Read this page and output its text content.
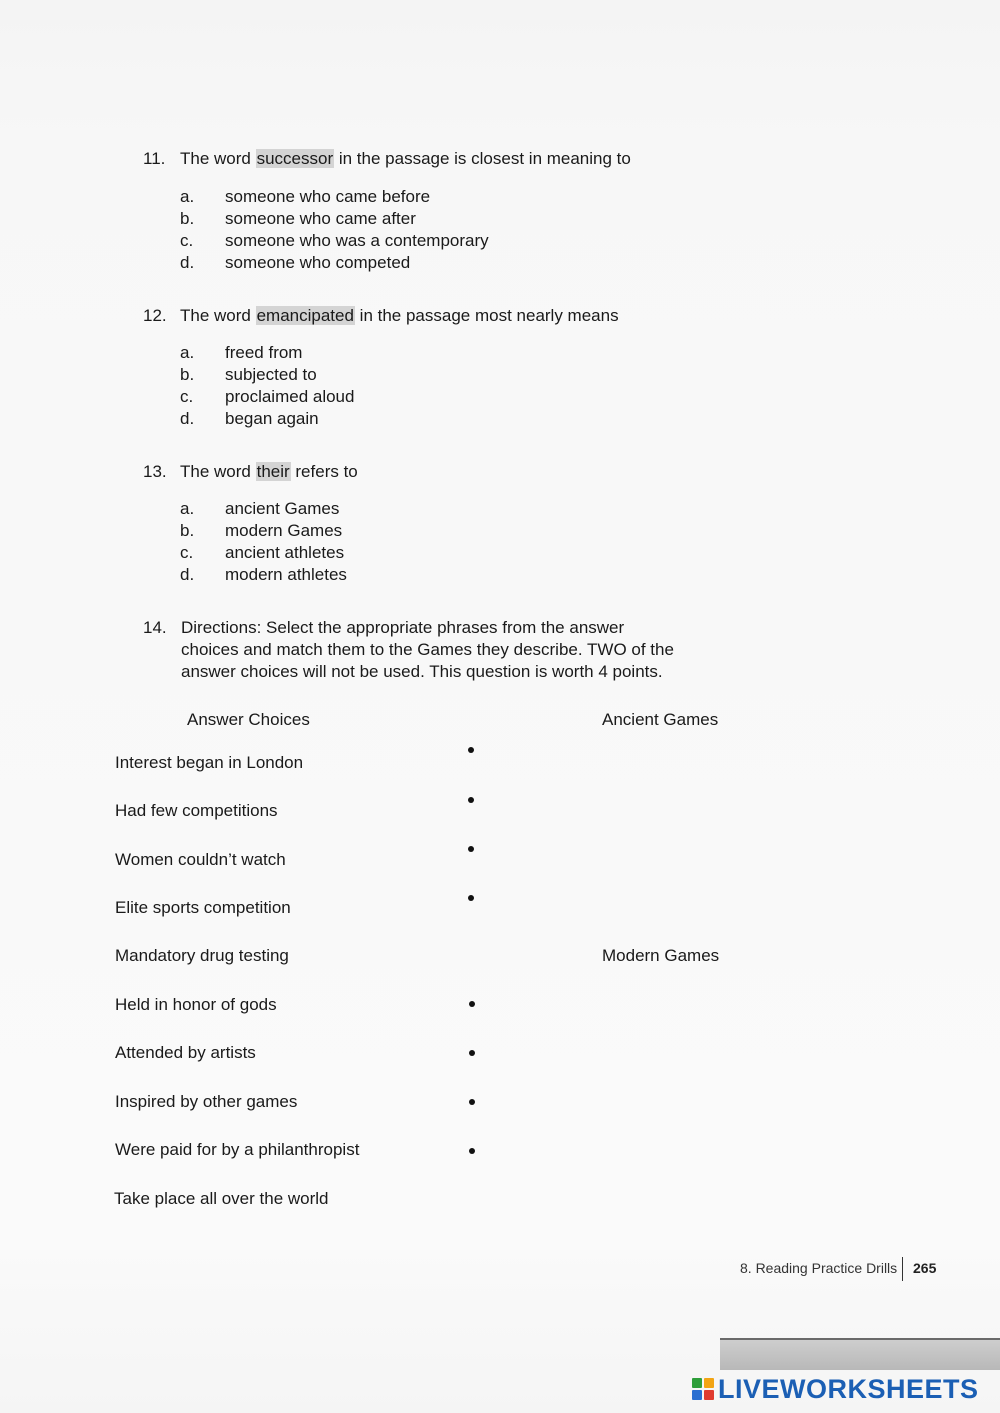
11. The word successor in the passage is closest in meaning to
a. someone who came before
b. someone who came after
c. someone who was a contemporary
d. someone who competed
12. The word emancipated in the passage most nearly means
a. freed from
b. subjected to
c. proclaimed aloud
d. began again
13. The word their refers to
a. ancient Games
b. modern Games
c. ancient athletes
d. modern athletes
14. Directions: Select the appropriate phrases from the answer
choices and match them to the Games they describe. TWO of the
answer choices will not be used. This question is worth 4 points.
Answer Choices	Ancient Games
Modern Games
Interest began in London
Had few competitions
Women couldn’t watch
Elite sports competition
Mandatory drug testing
Held in honor of gods
Attended by artists
Inspired by other games
Were paid for by a philanthropist
Take place all over the world
8. Reading Practice Drills 265
LIVEWORKSHEETS
